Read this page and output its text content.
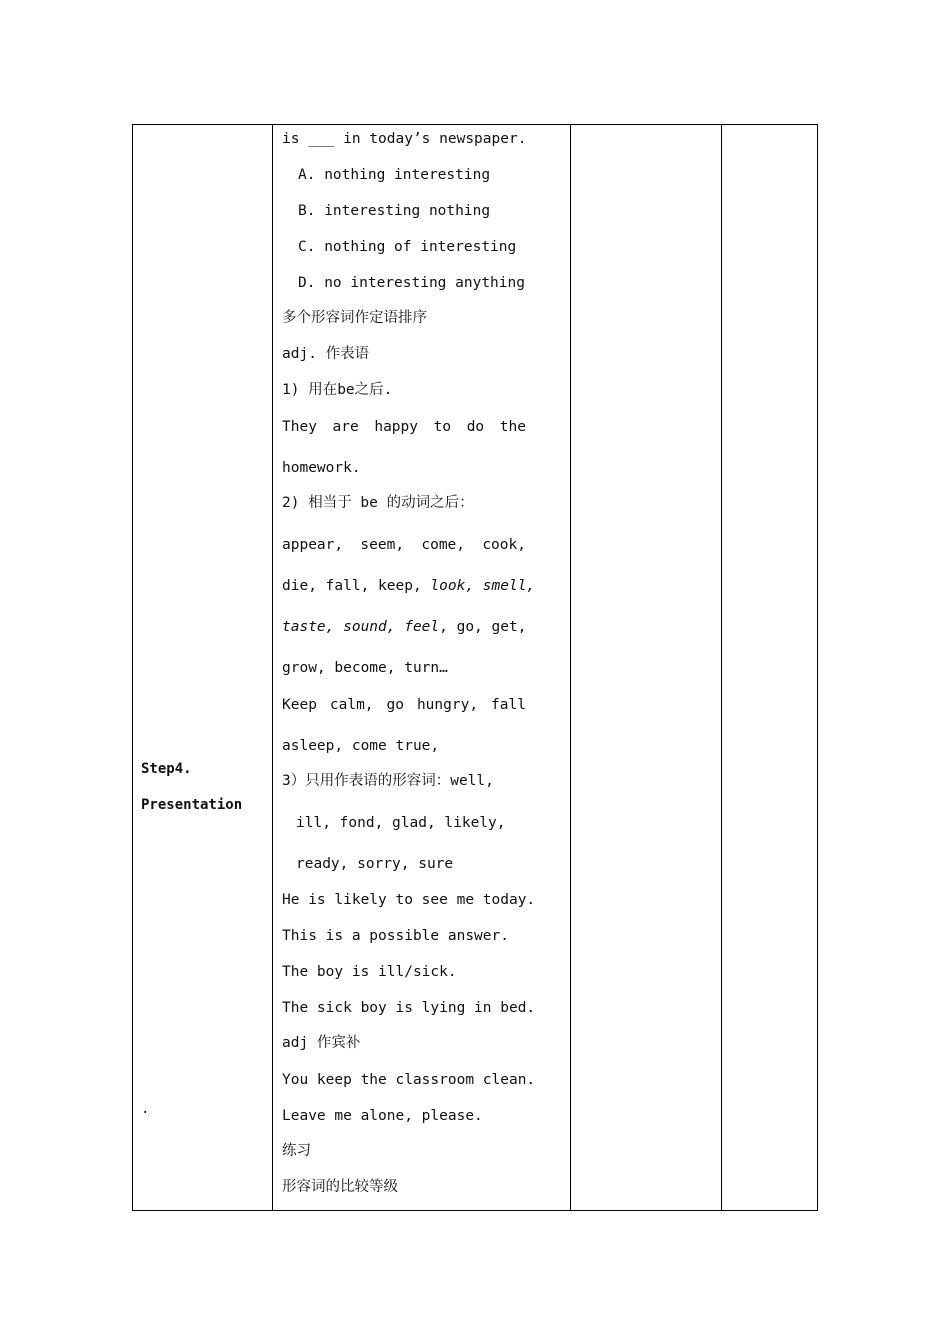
Step4.
Presentation
.
is ___ in today’s newspaper.
A. nothing interesting
B. interesting nothing
C. nothing of interesting
D. no interesting anything
多个形容词作定语排序
adj. 作表语
1) 用在be之后.
They are happy to do the
homework.
2) 相当于 be 的动词之后：
appear, seem, come, cook,
die, fall, keep, look, smell,
taste, sound, feel, go, get,
grow, become, turn…
Keep calm, go hungry, fall
asleep, come true,
3）只用作表语的形容词：well,
ill, fond, glad, likely,
ready, sorry, sure
He is likely to see me today.
This is a possible answer.
The boy is ill/sick.
The sick boy is lying in bed.
adj 作宾补
You keep the classroom clean.
Leave me alone, please.
练习
形容词的比较等级
